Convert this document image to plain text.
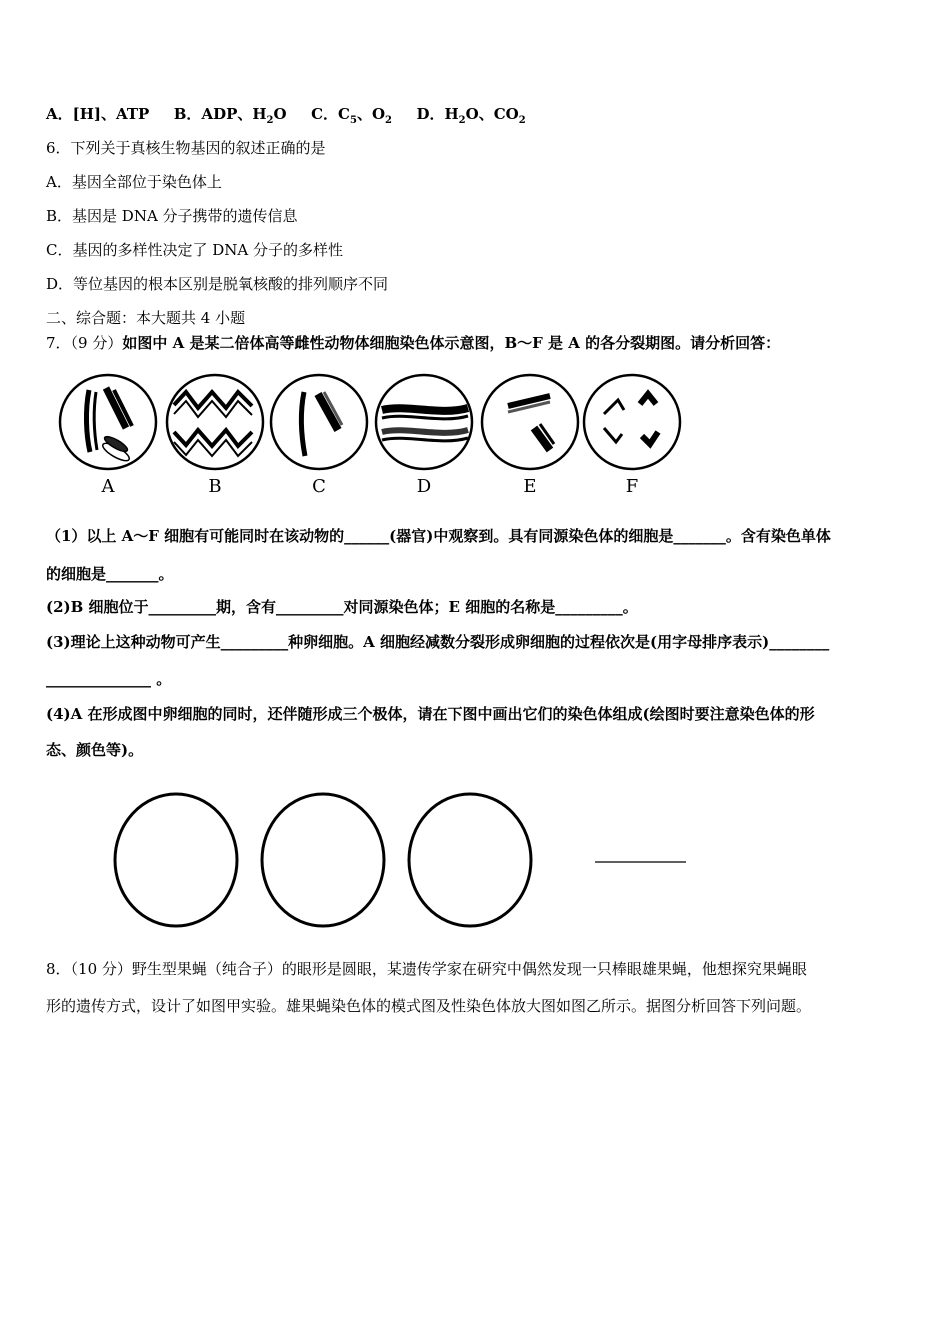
A．[H]、ATP B．ADP、$H_2O$ C．$C_5$、$O_2$ D．$H_2O$、$CO_2$
6．下列关于真核生物基因的叙述正确的是
A．基因全部位于染色体上
B．基因是 DNA 分子携带的遗传信息
C．基因的多样性决定了 DNA 分子的多样性
D．等位基因的根本区别是脱氧核酸的排列顺序不同
二、综合题：本大题共 4 小题
7．（9 分）如图中 A 是某二倍体高等雌性动物体细胞染色体示意图，B～F 是 A 的各分裂期图。请分析回答：
A	B	C	D	E	F
（1）以上 A～F 细胞有可能同时在该动物的______(器官)中观察到。具有同源染色体的细胞是_______。含有染色单体
的细胞是_______。
(2)B 细胞位于_________期，含有_________对同源染色体；E 细胞的名称是_________。
(3)理论上这种动物可产生_________种卵细胞。A 细胞经减数分裂形成卵细胞的过程依次是(用字母排序表示)________
______________ 。
(4)A 在形成图中卵细胞的同时，还伴随形成三个极体，请在下图中画出它们的染色体组成(绘图时要注意染色体的形
态、颜色等)。
8．（10 分）野生型果蝇（纯合子）的眼形是圆眼，某遗传学家在研究中偶然发现一只棒眼雄果蝇，他想探究果蝇眼
形的遗传方式，设计了如图甲实验。雄果蝇染色体的模式图及性染色体放大图如图乙所示。据图分析回答下列问题。
